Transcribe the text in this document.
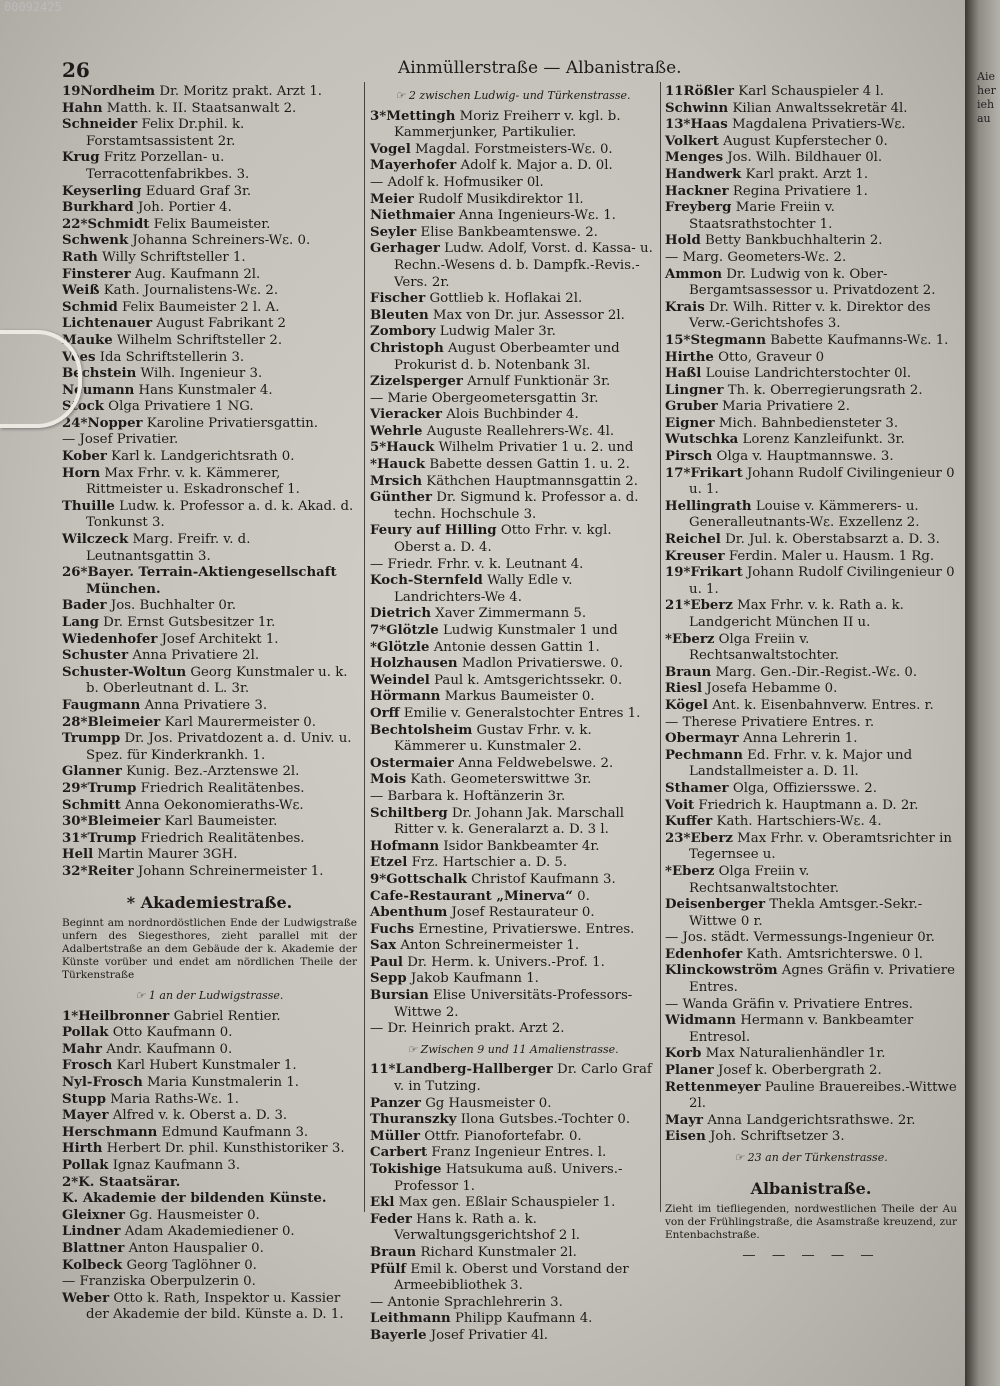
00092425
26	Ainmüllerstraße — Albanistraße.
19Nordheim Dr. Moritz prakt. Arzt 1.
Hahn Matth. k. II. Staatsanwalt 2.
Schneider Felix Dr.phil. k. Forstamtsassistent 2r.
Krug Fritz Porzellan- u. Terracottenfabrikbes. 3.
Keyserling Eduard Graf 3r.
Burkhard Joh. Portier 4.
22*Schmidt Felix Baumeister.
Schwenk Johanna Schreiners-Wε. 0.
Rath Willy Schriftsteller 1.
Finsterer Aug. Kaufmann 2l.
Weiß Kath. Journalistens-Wε. 2.
Schmid Felix Baumeister 2 l. A.
Lichtenauer August Fabrikant 2
Mauke Wilhelm Schriftsteller 2.
Vees Ida Schriftstellerin 3.
Bechstein Wilh. Ingenieur 3.
Neumann Hans Kunstmaler 4.
Stock Olga Privatiere 1 NG.
24*Nopper Karoline Privatiersgattin.
— Josef Privatier.
Kober Karl k. Landgerichtsrath 0.
Horn Max Frhr. v. k. Kämmerer, Rittmeister u. Eskadronschef 1.
Thuille Ludw. k. Professor a. d. k. Akad. d. Tonkunst 3.
Wilczeck Marg. Freifr. v. d. Leutnantsgattin 3.
26*Bayer. Terrain-Aktiengesellschaft München.
Bader Jos. Buchhalter 0r.
Lang Dr. Ernst Gutsbesitzer 1r.
Wiedenhofer Josef Architekt 1.
Schuster Anna Privatiere 2l.
Schuster-Woltun Georg Kunstmaler u. k. b. Oberleutnant d. L. 3r.
Faugmann Anna Privatiere 3.
28*Bleimeier Karl Maurermeister 0.
Trumpp Dr. Jos. Privatdozent a. d. Univ. u. Spez. für Kinderkrankh. 1.
Glanner Kunig. Bez.-Arztenswe 2l.
29*Trump Friedrich Realitätenbes.
Schmitt Anna Oekonomieraths-Wε.
30*Bleimeier Karl Baumeister.
31*Trump Friedrich Realitätenbes.
Hell Martin Maurer 3GH.
32*Reiter Johann Schreinermeister 1.
* Akademiestraße.
Beginnt am nordnordöstlichen Ende der Ludwigstraße unfern des Siegesthores, zieht parallel mit der Adalbertstraße an dem Gebäude der k. Akademie der Künste vorüber und endet am nördlichen Theile der Türkenstraße
☞ 1 an der Ludwigstrasse.
1*Heilbronner Gabriel Rentier.
Pollak Otto Kaufmann 0.
Mahr Andr. Kaufmann 0.
Frosch Karl Hubert Kunstmaler 1.
Nyl-Frosch Maria Kunstmalerin 1.
Stupp Maria Raths-Wε. 1.
Mayer Alfred v. k. Oberst a. D. 3.
Herschmann Edmund Kaufmann 3.
Hirth Herbert Dr. phil. Kunsthistoriker 3.
Pollak Ignaz Kaufmann 3.
2*K. Staatsärar.
K. Akademie der bildenden Künste.
Gleixner Gg. Hausmeister 0.
Lindner Adam Akademiediener 0.
Blattner Anton Hauspalier 0.
Kolbeck Georg Taglöhner 0.
— Franziska Oberpulzerin 0.
Weber Otto k. Rath, Inspektor u. Kassier der Akademie der bild. Künste a. D. 1.
☞ 2 zwischen Ludwig- und Türkenstrasse.
3*Mettingh Moriz Freiherr v. kgl. b. Kammerjunker, Partikulier.
Vogel Magdal. Forstmeisters-Wε. 0.
Mayerhofer Adolf k. Major a. D. 0l.
— Adolf k. Hofmusiker 0l.
Meier Rudolf Musikdirektor 1l.
Niethmaier Anna Ingenieurs-Wε. 1.
Seyler Elise Bankbeamtenswe. 2.
Gerhager Ludw. Adolf, Vorst. d. Kassa- u. Rechn.-Wesens d. b. Dampfk.-Revis.-Vers. 2r.
Fischer Gottlieb k. Hoflakai 2l.
Bleuten Max von Dr. jur. Assessor 2l.
Zombory Ludwig Maler 3r.
Christoph August Oberbeamter und Prokurist d. b. Notenbank 3l.
Zizelsperger Arnulf Funktionär 3r.
— Marie Obergeometersgattin 3r.
Vieracker Alois Buchbinder 4.
Wehrle Auguste Reallehrers-Wε. 4l.
5*Hauck Wilhelm Privatier 1 u. 2. und
*Hauck Babette dessen Gattin 1. u. 2.
Mrsich Käthchen Hauptmannsgattin 2.
Günther Dr. Sigmund k. Professor a. d. techn. Hochschule 3.
Feury auf Hilling Otto Frhr. v. kgl. Oberst a. D. 4.
— Friedr. Frhr. v. k. Leutnant 4.
Koch-Sternfeld Wally Edle v. Landrichters-We 4.
Dietrich Xaver Zimmermann 5.
7*Glötzle Ludwig Kunstmaler 1 und
*Glötzle Antonie dessen Gattin 1.
Holzhausen Madlon Privatierswe. 0.
Weindel Paul k. Amtsgerichtssekr. 0.
Hörmann Markus Baumeister 0.
Orff Emilie v. Generalstochter Entres 1.
Bechtolsheim Gustav Frhr. v. k. Kämmerer u. Kunstmaler 2.
Ostermaier Anna Feldwebelswe. 2.
Mois Kath. Geometerswittwe 3r.
— Barbara k. Hoftänzerin 3r.
Schiltberg Dr. Johann Jak. Marschall Ritter v. k. Generalarzt a. D. 3 l.
Hofmann Isidor Bankbeamter 4r.
Etzel Frz. Hartschier a. D. 5.
9*Gottschalk Christof Kaufmann 3.
Cafe-Restaurant „Minerva“ 0.
Abenthum Josef Restaurateur 0.
Fuchs Ernestine, Privatierswe. Entres.
Sax Anton Schreinermeister 1.
Paul Dr. Herm. k. Univers.-Prof. 1.
Sepp Jakob Kaufmann 1.
Bursian Elise Universitäts-Professors-Wittwe 2.
— Dr. Heinrich prakt. Arzt 2.
☞ Zwischen 9 und 11 Amalienstrasse.
11*Landberg-Hallberger Dr. Carlo Graf v. in Tutzing.
Panzer Gg Hausmeister 0.
Thuranszky Ilona Gutsbes.-Tochter 0.
Müller Ottfr. Pianofortefabr. 0.
Carbert Franz Ingenieur Entres. l.
Tokishige Hatsukuma auß. Univers.-Professor 1.
Ekl Max gen. Eßlair Schauspieler 1.
Feder Hans k. Rath a. k. Verwaltungsgerichtshof 2 l.
Braun Richard Kunstmaler 2l.
Pfülf Emil k. Oberst und Vorstand der Armeebibliothek 3.
— Antonie Sprachlehrerin 3.
Leithmann Philipp Kaufmann 4.
Bayerle Josef Privatier 4l.
11Rößler Karl Schauspieler 4 l.
Schwinn Kilian Anwaltssekretär 4l.
13*Haas Magdalena Privatiers-Wε.
Volkert August Kupferstecher 0.
Menges Jos. Wilh. Bildhauer 0l.
Handwerk Karl prakt. Arzt 1.
Hackner Regina Privatiere 1.
Freyberg Marie Freiin v. Staatsrathstochter 1.
Hold Betty Bankbuchhalterin 2.
— Marg. Geometers-Wε. 2.
Ammon Dr. Ludwig von k. Ober-Bergamtsassessor u. Privatdozent 2.
Krais Dr. Wilh. Ritter v. k. Direktor des Verw.-Gerichtshofes 3.
15*Stegmann Babette Kaufmanns-Wε. 1.
Hirthe Otto, Graveur 0
Haßl Louise Landrichterstochter 0l.
Lingner Th. k. Oberregierungsrath 2.
Gruber Maria Privatiere 2.
Eigner Mich. Bahnbediensteter 3.
Wutschka Lorenz Kanzleifunkt. 3r.
Pirsch Olga v. Hauptmannswe. 3.
17*Frikart Johann Rudolf Civilingenieur 0 u. 1.
Hellingrath Louise v. Kämmerers- u. Generalleutnants-Wε. Exzellenz 2.
Reichel Dr. Jul. k. Oberstabsarzt a. D. 3.
Kreuser Ferdin. Maler u. Hausm. 1 Rg.
19*Frikart Johann Rudolf Civilingenieur 0 u. 1.
21*Eberz Max Frhr. v. k. Rath a. k. Landgericht München II u.
*Eberz Olga Freiin v. Rechtsanwaltstochter.
Braun Marg. Gen.-Dir.-Regist.-Wε. 0.
Riesl Josefa Hebamme 0.
Kögel Ant. k. Eisenbahnverw. Entres. r.
— Therese Privatiere Entres. r.
Obermayr Anna Lehrerin 1.
Pechmann Ed. Frhr. v. k. Major und Landstallmeister a. D. 1l.
Sthamer Olga, Offiziersswe. 2.
Voit Friedrich k. Hauptmann a. D. 2r.
Kuffer Kath. Hartschiers-Wε. 4.
23*Eberz Max Frhr. v. Oberamtsrichter in Tegernsee u.
*Eberz Olga Freiin v. Rechtsanwaltstochter.
Deisenberger Thekla Amtsger.-Sekr.-Wittwe 0 r.
— Jos. städt. Vermessungs-Ingenieur 0r.
Edenhofer Kath. Amtsrichterswe. 0 l.
Klinckowström Agnes Gräfin v. Privatiere Entres.
— Wanda Gräfin v. Privatiere Entres.
Widmann Hermann v. Bankbeamter Entresol.
Korb Max Naturalienhändler 1r.
Planer Josef k. Oberbergrath 2.
Rettenmeyer Pauline Brauereibes.-Wittwe 2l.
Mayr Anna Landgerichtsrathswe. 2r.
Eisen Joh. Schriftsetzer 3.
☞ 23 an der Türkenstrasse.
Albanistraße.
Zieht im tiefliegenden, nordwestlichen Theile der Au von der Frühlingstraße, die Asamstraße kreuzend, zur Entenbachstraße.
— — — — —
Aieheriehau
